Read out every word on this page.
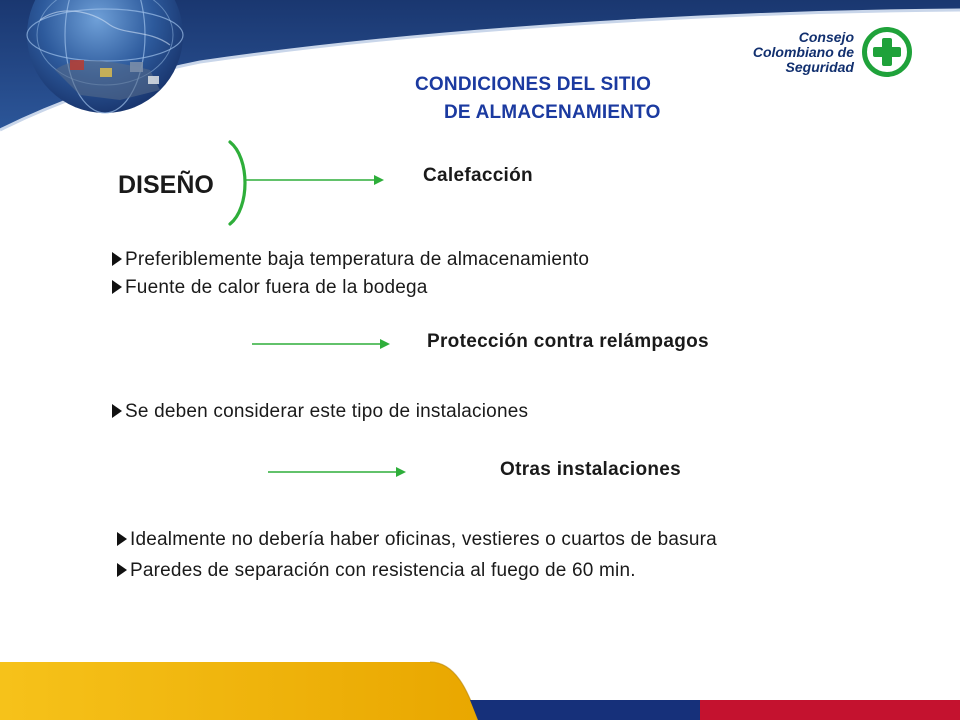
Consejo
Colombiano de
Seguridad
CONDICIONES DEL SITIO
DE ALMACENAMIENTO
DISEÑO	Calefacción
Preferiblemente baja temperatura de almacenamiento
Fuente de calor fuera de la bodega
Protección contra relámpagos
Se deben considerar este tipo de instalaciones
Otras instalaciones
Idealmente no debería haber oficinas, vestieres o cuartos de basura
Paredes de separación con resistencia al fuego de 60 min.
